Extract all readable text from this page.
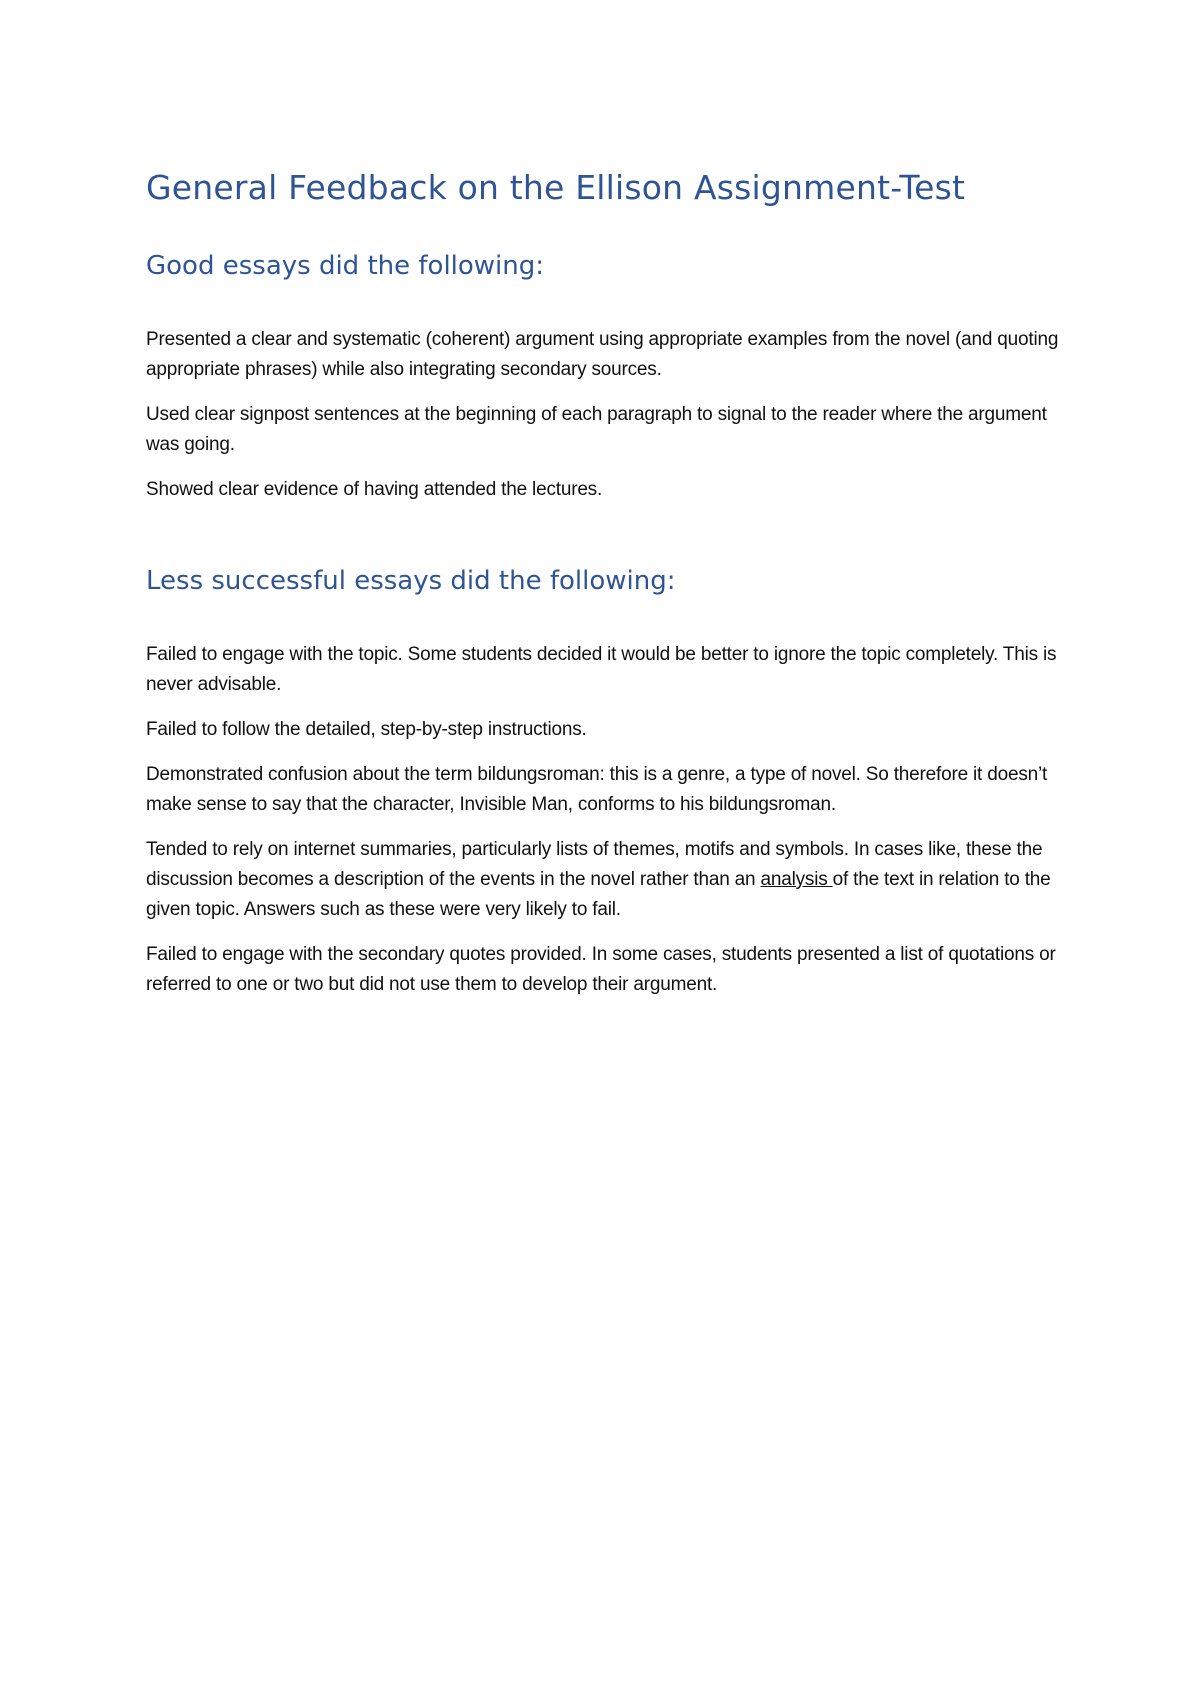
General Feedback on the Ellison Assignment-Test
Good essays did the following:

Presented a clear and systematic (coherent) argument using appropriate examples from the novel (and quoting appropriate phrases) while also integrating secondary sources.

Used clear signpost sentences at the beginning of each paragraph to signal to the reader where the argument was going.

Showed clear evidence of having attended the lectures.

Less successful essays did the following:

Failed to engage with the topic. Some students decided it would be better to ignore the topic completely. This is never advisable.

Failed to follow the detailed, step-by-step instructions.

Demonstrated confusion about the term bildungsroman: this is a genre, a type of novel. So therefore it doesn’t make sense to say that the character, Invisible Man, conforms to his bildungsroman.

Tended to rely on internet summaries, particularly lists of themes, motifs and symbols. In cases like, these the discussion becomes a description of the events in the novel rather than an analysis of the text in relation to the given topic. Answers such as these were very likely to fail.

Failed to engage with the secondary quotes provided. In some cases, students presented a list of quotations or referred to one or two but did not use them to develop their argument.
